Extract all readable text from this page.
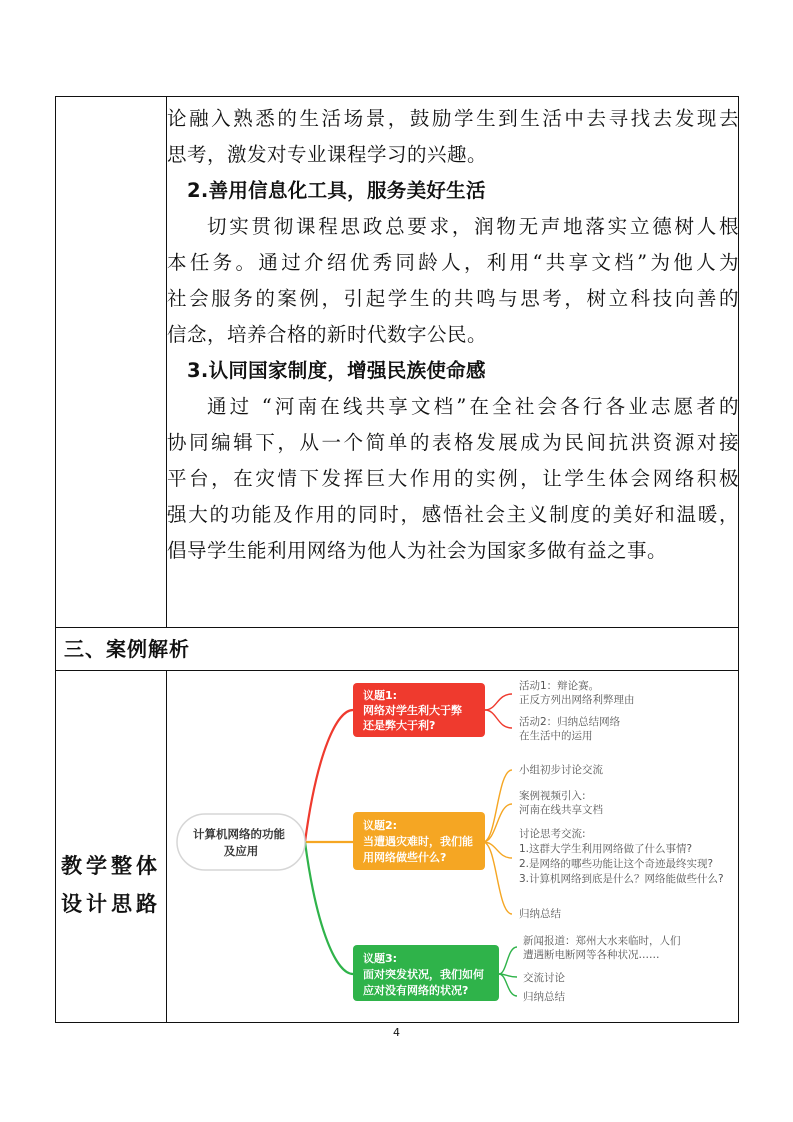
论融入熟悉的生活场景，鼓励学生到生活中去寻找去发现去

思考，激发对专业课程学习的兴趣。

2.善用信息化工具，服务美好生活

切实贯彻课程思政总要求，润物无声地落实立德树人根

本任务。通过介绍优秀同龄人，利用“共享文档”为他人为

社会服务的案例，引起学生的共鸣与思考，树立科技向善的

信念，培养合格的新时代数字公民。

3.认同国家制度，增强民族使命感

通过 “河南在线共享文档”在全社会各行各业志愿者的

协同编辑下，从一个简单的表格发展成为民间抗洪资源对接

平台，在灾情下发挥巨大作用的实例，让学生体会网络积极

强大的功能及作用的同时，感悟社会主义制度的美好和温暖，

倡导学生能利用网络为他人为社会为国家多做有益之事。

三、案例解析
教学整体
设计思路
计算机网络的功能 及应用
议题1: 网络对学生利大于弊 还是弊大于利?
议题2: 当遭遇灾难时，我们能 用网络做些什么?
议题3: 面对突发状况，我们如何 应对没有网络的状况?
活动1：辩论赛。 正反方列出网络利弊理由 活动2：归纳总结网络 在生活中的运用
小组初步讨论交流 案例视频引入: 河南在线共享文档 讨论思考交流: 1.这群大学生利用网络做了什么事情? 2.是网络的哪些功能让这个奇迹最终实现? 3.计算机网络到底是什么？网络能做些什么? 归纳总结
新闻报道：郑州大水来临时，人们 遭遇断电断网等各种状况…… 交流讨论 归纳总结
4
